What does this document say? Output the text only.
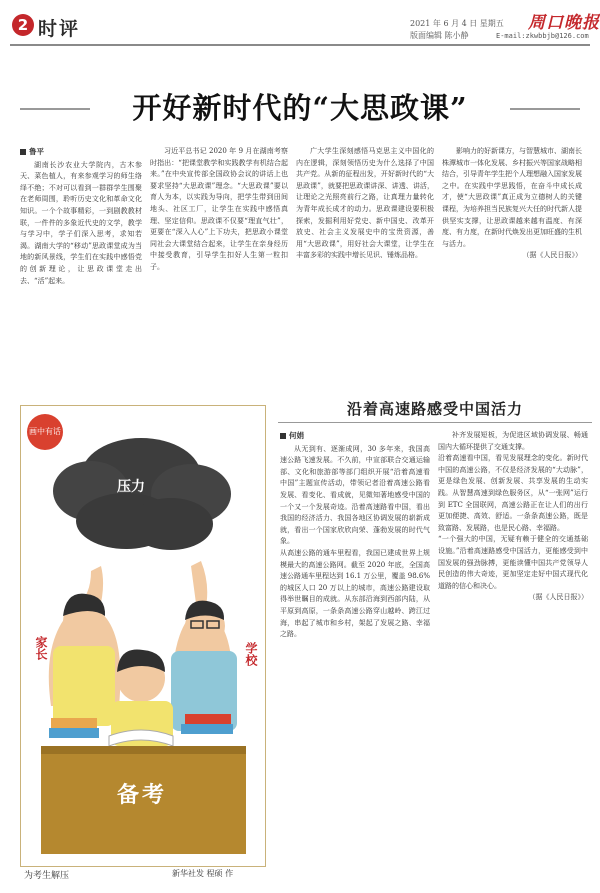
2 时评	2021 年 6 月 4 日 星期五
版面编辑 陈小静
周口晚报
E-mail:zkwbbjb@126.com
开好新时代的“大思政课”
鲁平

湖南长沙农业大学院内，古木参天、菜色植人，有来参观学习的师生络绎不绝；不对可以看到一群群学生围聚在老师周围，聆听历史文化和革命文化知识。一个个故事精彩，一到剧教教材联，一件件的多象近代史的文学，教学与学习中，学子们深入思考，求知若渴。湖南大学的“移动”思政课堂成为当地的新风景线，学生们在实践中感悟党的创新理论，让思政课堂走出去、“活”起来。

习近平总书记 2020 年 9 月在湖南考察时指出：“把课堂教学和实践教学有机结合起来。”在中央宣传部全国政协会议的讲话上也要求坚持“大思政课”理念。“大思政课”要以育人为本，以实践为导向，把学生带到田间地头、社区工厂，让学生在实践中感悟真理、坚定信仰。思政课不仅要“理直气壮”，更要在“深入人心”上下功夫，把思政小课堂同社会大课堂结合起来，让学生在亲身经历中接受教育，引导学生扣好人生第一粒扣子。

广大学生深刻感悟马克思主义中国化的内在逻辑，深刻领悟历史为什么选择了中国共产党。从新的征程出发，开好新时代的“大思政课”，就要把思政课讲深、讲透、讲活，让理论之光照亮前行之路，让真理力量转化为青年成长成才的动力。思政课建设要积极探索，发掘利用好党史、新中国史、改革开放史、社会主义发展史中的宝贵资源，善用“大思政课”，用好社会大课堂，让学生在丰富多彩的实践中增长见识、锤炼品格。

影响力的好新课方，与智慧城市、湖南长株潭城市一体化发展、乡村振兴等国家战略相结合，引导青年学生把个人理想融入国家发展之中。在实践中学思践悟，在奋斗中成长成才，使“大思政课”真正成为立德树人的关键课程，为培养担当民族复兴大任的时代新人提供坚实支撑，让思政课越来越有温度、有深度、有力度，在新时代焕发出更加旺盛的生机与活力。

（据《人民日报》）
画中有话
压力
家长	学校
备考
为考生解压	新华社发 程硕 作
沿着高速路感受中国活力
何娟

从无到有、逐渐成网，30 多年来，我国高速公路飞速发展。不久前，中宣部联合交通运输部、文化和旅游部等部门组织开展“沿着高速看中国”主题宣传活动，带领记者沿着高速公路看发展、看变化、看成就，见微知著地感受中国的一个又一个发展奇迹。沿着高速路看中国，看出我国的经济活力、我国各地区协调发展的崭新成就，看出一个国家欣欣向荣、蓬勃发展的时代气象。
从高速公路的通车里程看，我国已建成世界上规模最大的高速公路网。截至 2020 年底，全国高速公路通车里程达到 16.1 万公里，覆盖 98.6% 的城区人口 20 万以上的城市，高速公路建设取得举世瞩目的成就。从东部沿海到西部内陆，从平原到高原，一条条高速公路穿山越岭、跨江过海，串起了城市和乡村，架起了发展之路、幸福之路。

补齐发展短板，为促进区域协调发展、畅通国内大循环提供了交通支撑。
沿着高速看中国，看见发展理念的变化。新时代中国的高速公路，不仅是经济发展的“大动脉”，更是绿色发展、创新发展、共享发展的生动实践。从智慧高速到绿色服务区，从“一张网”运行到 ETC 全国联网，高速公路正在让人们的出行更加便捷、高效、舒适。一条条高速公路，既是致富路、发展路，也是民心路、幸福路。
“一个强大的中国，无疑有赖于健全的交通基础设施。”沿着高速路感受中国活力，更能感受到中国发展的强劲脉搏，更能读懂中国共产党领导人民创造的伟大奇迹，更加坚定走好中国式现代化道路的信心和决心。

（据《人民日报》）
